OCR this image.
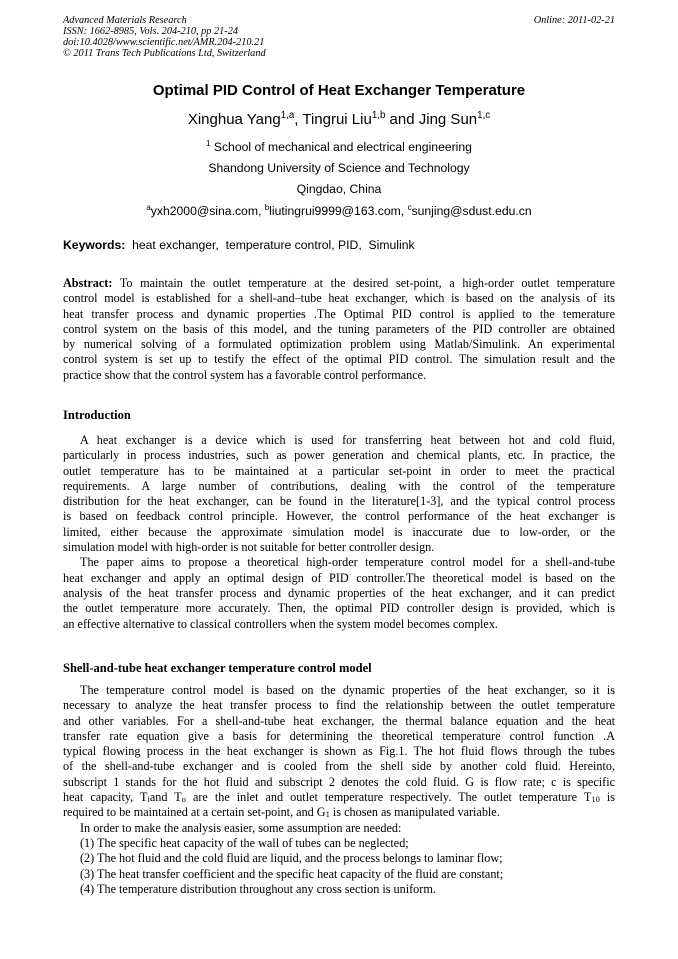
Advanced Materials Research
ISSN: 1662-8985, Vols. 204-210, pp 21-24
doi:10.4028/www.scientific.net/AMR.204-210.21
© 2011 Trans Tech Publications Ltd, Switzerland
Online: 2011-02-21
Optimal PID Control of Heat Exchanger Temperature
Xinghua Yang$^{1,a}$, Tingrui Liu$^{1,b}$ and Jing Sun$^{1,c}$
$^1$ School of mechanical and electrical engineering
Shandong University of Science and Technology
Qingdao, China
$^a$yxh2000@sina.com, $^b$liutingrui9999@163.com, $^c$sunjing@sdust.edu.cn
Keywords:  heat exchanger,  temperature control, PID,  Simulink
Abstract: To maintain the outlet temperature at the desired set-point, a high-order outlet temperature
control model is established for a shell-and–tube heat exchanger, which is based on the analysis of its
heat transfer process and dynamic properties .The Optimal PID control is applied to the temerature
control system on the basis of this model, and the tuning parameters of the PID controller are obtained
by numerical solving of a formulated optimization problem using Matlab/Simulink. An experimental
control system is set up to testify the effect of the optimal PID control. The simulation result and the
practice show that the control system has a favorable control performance.
Introduction
A heat exchanger is a device which is used for transferring heat between hot and cold fluid,
particularly in process industries, such as power generation and chemical plants, etc. In practice, the
outlet temperature has to be maintained at a particular set-point in order to meet the practical
requirements. A large number of contributions, dealing with the control of the temperature
distribution for the heat exchanger, can be found in the literature[1-3], and the typical control process
is based on feedback control principle. However, the control performance of the heat exchanger is
limited, either because the approximate simulation model is inaccurate due to low-order, or the
simulation model with high-order is not suitable for better controller design.
The paper aims to propose a theoretical high-order temperature control model for a shell-and-tube
heat exchanger and apply an optimal design of PID controller.The theoretical model is based on the
analysis of the heat transfer process and dynamic properties of the heat exchanger, and it can predict
the outlet temperature more accurately. Then, the optimal PID controller design is provided, which is
an effective alternative to classical controllers when the system model becomes complex.
Shell-and-tube heat exchanger temperature control model
The temperature control model is based on the dynamic properties of the heat exchanger, so it is
necessary to analyze the heat transfer process to find the relationship between the outlet temperature
and other variables. For a shell-and-tube heat exchanger, the thermal balance equation and the heat
transfer rate equation give a basis for determining the theoretical temperature control function .A
typical flowing process in the heat exchanger is shown as Fig.1. The hot fluid flows through the tubes
of the shell-and-tube exchanger and is cooled from the shell side by another cold fluid. Hereinto,
subscript 1 stands for the hot fluid and subscript 2 denotes the cold fluid. G is flow rate; c is specific
heat capacity, $T_iand$ $T_o$ are the inlet and outlet temperature respectively. The outlet temperature $T_{10}$ is
required to be maintained at a certain set-point, and $G_1$ is chosen as manipulated variable.
In order to make the analysis easier, some assumption are needed:
(1) The specific heat capacity of the wall of tubes can be neglected;
(2) The hot fluid and the cold fluid are liquid, and the process belongs to laminar flow;
(3) The heat transfer coefficient and the specific heat capacity of the fluid are constant;
(4) The temperature distribution throughout any cross section is uniform.
